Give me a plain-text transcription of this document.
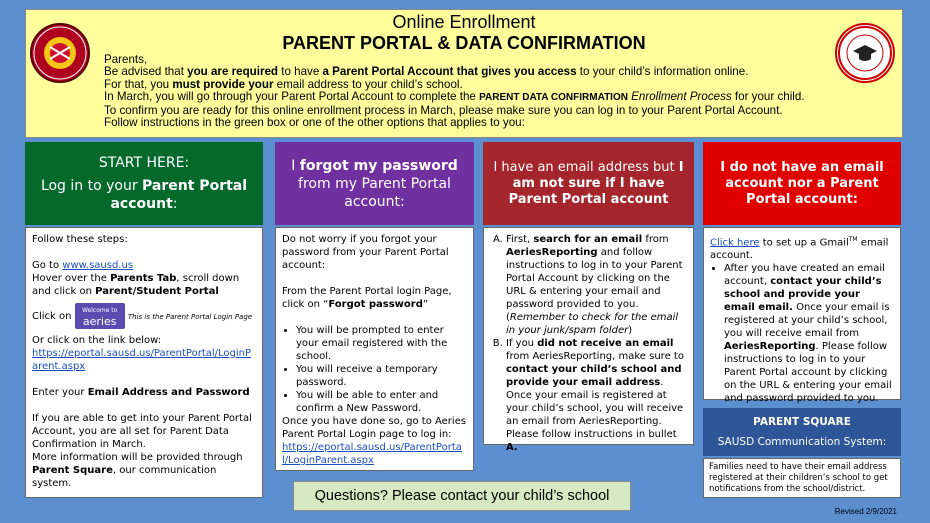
Online Enrollment
PARENT PORTAL & DATA CONFIRMATION
Parents,
Be advised that you are required to have a Parent Portal Account that gives you access to your child’s information online.
For that, you must provide your email address to your child’s school.
In March, you will go through your Parent Portal Account to complete the PARENT DATA CONFIRMATION Enrollment Process for your child.
To confirm you are ready for this online enrollment process in March, please make sure you can log in to your Parent Portal Account.
Follow instructions in the green box or one of the other options that applies to you:
START HERE:
Log in to your Parent Portal
account:
Follow these steps:
Go to www.sausd.us
Hover over the Parents Tab, scroll down and click on Parent/Student Portal
Click on
Welcome to
aeries
Parent Portal
This is the Parent Portal Login Page
Or click on the link below:
https://eportal.sausd.us/ParentPortal/LoginParent.aspx
Enter your Email Address and Password
If you are able to get into your Parent Portal Account, you are all set for Parent Data Confirmation in March.
More information will be provided through Parent Square, our communication system.
I forgot my password from my Parent Portal account:
Do not worry if you forgot your password from your Parent Portal account:
From the Parent Portal login Page, click on “Forgot password”
• You will be prompted to enter your email registered with the school.
• You will receive a temporary password.
• You will be able to enter and confirm a New Password.
Once you have done so, go to Aeries Parent Portal Login page to log in:
https://eportal.sausd.us/ParentPortal/LoginParent.aspx
I have an email address but I am not sure if I have Parent Portal account
A. First, search for an email from AeriesReporting and follow instructions to log in to your Parent Portal Account by clicking on the URL & entering your email and password provided to you. (Remember to check for the email in your junk/spam folder)
B. If you did not receive an email from AeriesReporting, make sure to contact your child’s school and provide your email address. Once your email is registered at your child’s school, you will receive an email from AeriesReporting. Please follow instructions in bullet A.
I do not have an email account nor a Parent Portal account:
Click here to set up a Gmail™ email account.
• After you have created an email account, contact your child’s school and provide your email email. Once your email is registered at your child’s school, you will receive email from AeriesReporting. Please follow instructions to log in to your Parent Portal account by clicking on the URL & entering your email and password provided to you.
PARENT SQUARE
SAUSD Communication System:
Families need to have their email address registered at their children’s school to get notifications from the school/district.
Questions? Please contact your child’s school
Revised 2/9/2021
